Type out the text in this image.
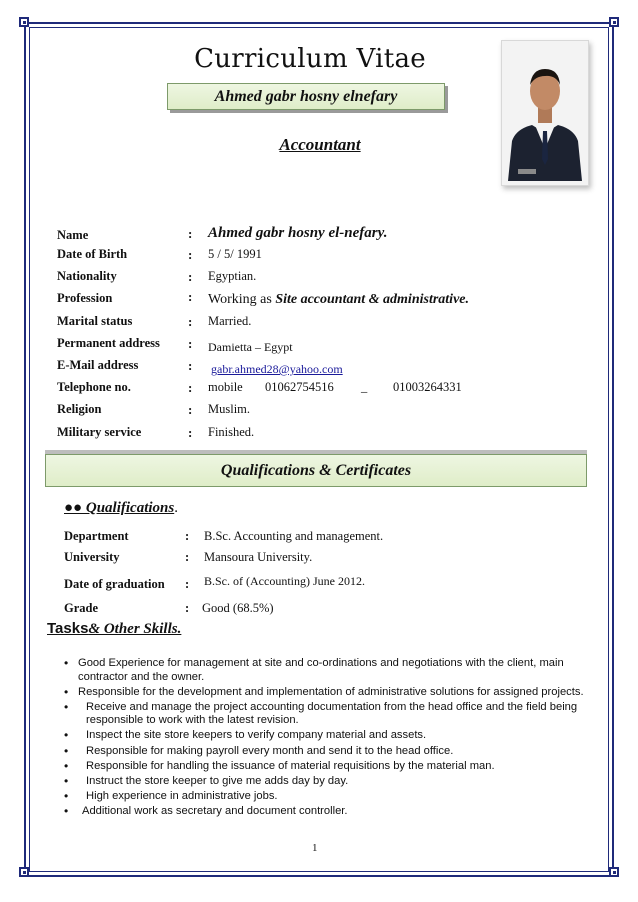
Curriculum Vitae
Ahmed gabr hosny elnefary
Accountant
Name	: Ahmed gabr hosny el-nefary.
Date of Birth	: 5 / 5/ 1991
Nationality	: Egyptian.
Profession	: Working as Site accountant & administrative.
Marital status	: Married.
Permanent address : Damietta – Egypt
E-Mail address	: gabr.ahmed28@yahoo.com
Telephone no.	: mobile 01062754516 _ 01003264331
Religion	: Muslim.
Military service	: Finished.
Qualifications & Certificates
●● Qualifications.
Department	: B.Sc. Accounting and management.
University	: Mansoura University.
Date of graduation : B.Sc. of (Accounting) June 2012.
Grade	: Good (68.5%)
Tasks& Other Skills.
• Good Experience for management at site and co-ordinations and negotiations with the client, main contractor and the owner.
• Responsible for the development and implementation of administrative solutions for assigned projects.
• Receive and manage the project accounting documentation from the head office and the field being responsible to work with the latest revision.
• Inspect the site store keepers to verify company material and assets.
• Responsible for making payroll every month and send it to the head office.
• Responsible for handling the issuance of material requisitions by the material man.
• Instruct the store keeper to give me adds day by day.
• High experience in administrative jobs.
• Additional work as secretary and document controller.
1
